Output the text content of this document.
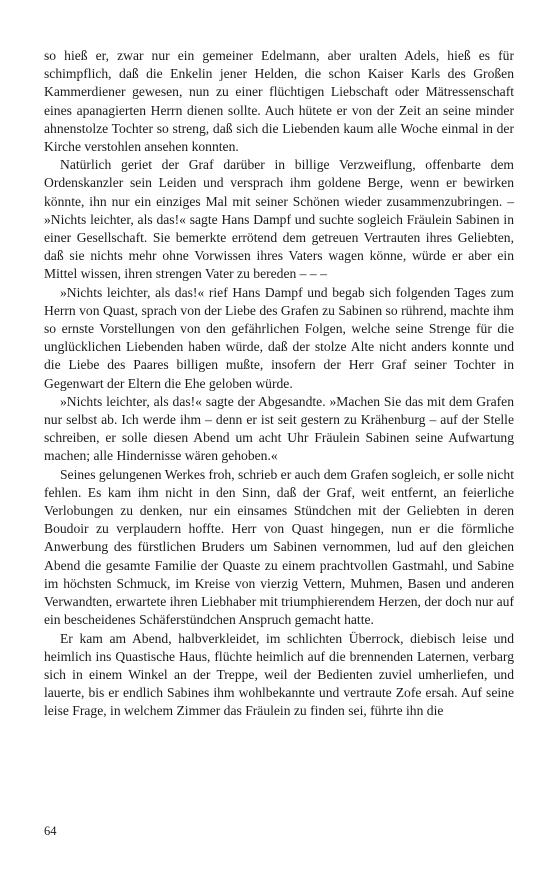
so hieß er, zwar nur ein gemeiner Edelmann, aber uralten Adels, hieß es für schimpflich, daß die Enkelin jener Helden, die schon Kaiser Karls des Großen Kammerdiener gewesen, nun zu einer flüchtigen Liebschaft oder Mätressenschaft eines apanagierten Herrn dienen sollte. Auch hütete er von der Zeit an seine minder ahnenstolze Tochter so streng, daß sich die Liebenden kaum alle Woche einmal in der Kirche verstohlen ansehen konnten.

Natürlich geriet der Graf darüber in billige Verzweiflung, offenbarte dem Ordenskanzler sein Leiden und versprach ihm goldene Berge, wenn er bewirken könnte, ihn nur ein einziges Mal mit seiner Schönen wieder zusammenzubringen. – »Nichts leichter, als das!« sagte Hans Dampf und suchte sogleich Fräulein Sabinen in einer Gesellschaft. Sie bemerkte errötend dem getreuen Vertrauten ihres Geliebten, daß sie nichts mehr ohne Vorwissen ihres Vaters wagen könne, würde er aber ein Mittel wissen, ihren strengen Vater zu bereden – – –

»Nichts leichter, als das!« rief Hans Dampf und begab sich folgenden Tages zum Herrn von Quast, sprach von der Liebe des Grafen zu Sabinen so rührend, machte ihm so ernste Vorstellungen von den gefährlichen Folgen, welche seine Strenge für die unglücklichen Liebenden haben würde, daß der stolze Alte nicht anders konnte und die Liebe des Paares billigen mußte, insofern der Herr Graf seiner Tochter in Gegenwart der Eltern die Ehe geloben würde.

»Nichts leichter, als das!« sagte der Abgesandte. »Machen Sie das mit dem Grafen nur selbst ab. Ich werde ihm – denn er ist seit gestern zu Krähenburg – auf der Stelle schreiben, er solle diesen Abend um acht Uhr Fräulein Sabinen seine Aufwartung machen; alle Hindernisse wären gehoben.«

Seines gelungenen Werkes froh, schrieb er auch dem Grafen sogleich, er solle nicht fehlen. Es kam ihm nicht in den Sinn, daß der Graf, weit entfernt, an feierliche Verlobungen zu denken, nur ein einsames Stündchen mit der Geliebten in deren Boudoir zu verplaudern hoffte. Herr von Quast hingegen, nun er die förmliche Anwerbung des fürstlichen Bruders um Sabinen vernommen, lud auf den gleichen Abend die gesamte Familie der Quaste zu einem prachtvollen Gastmahl, und Sabine im höchsten Schmuck, im Kreise von vierzig Vettern, Muhmen, Basen und anderen Verwandten, erwartete ihren Liebhaber mit triumphierendem Herzen, der doch nur auf ein bescheidenes Schäferstündchen Anspruch gemacht hatte.

Er kam am Abend, halbverkleidet, im schlichten Überrock, diebisch leise und heimlich ins Quastische Haus, flüchte heimlich auf die brennenden Laternen, verbarg sich in einem Winkel an der Treppe, weil der Bedienten zuviel umherliefen, und lauerte, bis er endlich Sabines ihm wohlbekannte und vertraute Zofe ersah. Auf seine leise Frage, in welchem Zimmer das Fräulein zu finden sei, führte ihn die

64
